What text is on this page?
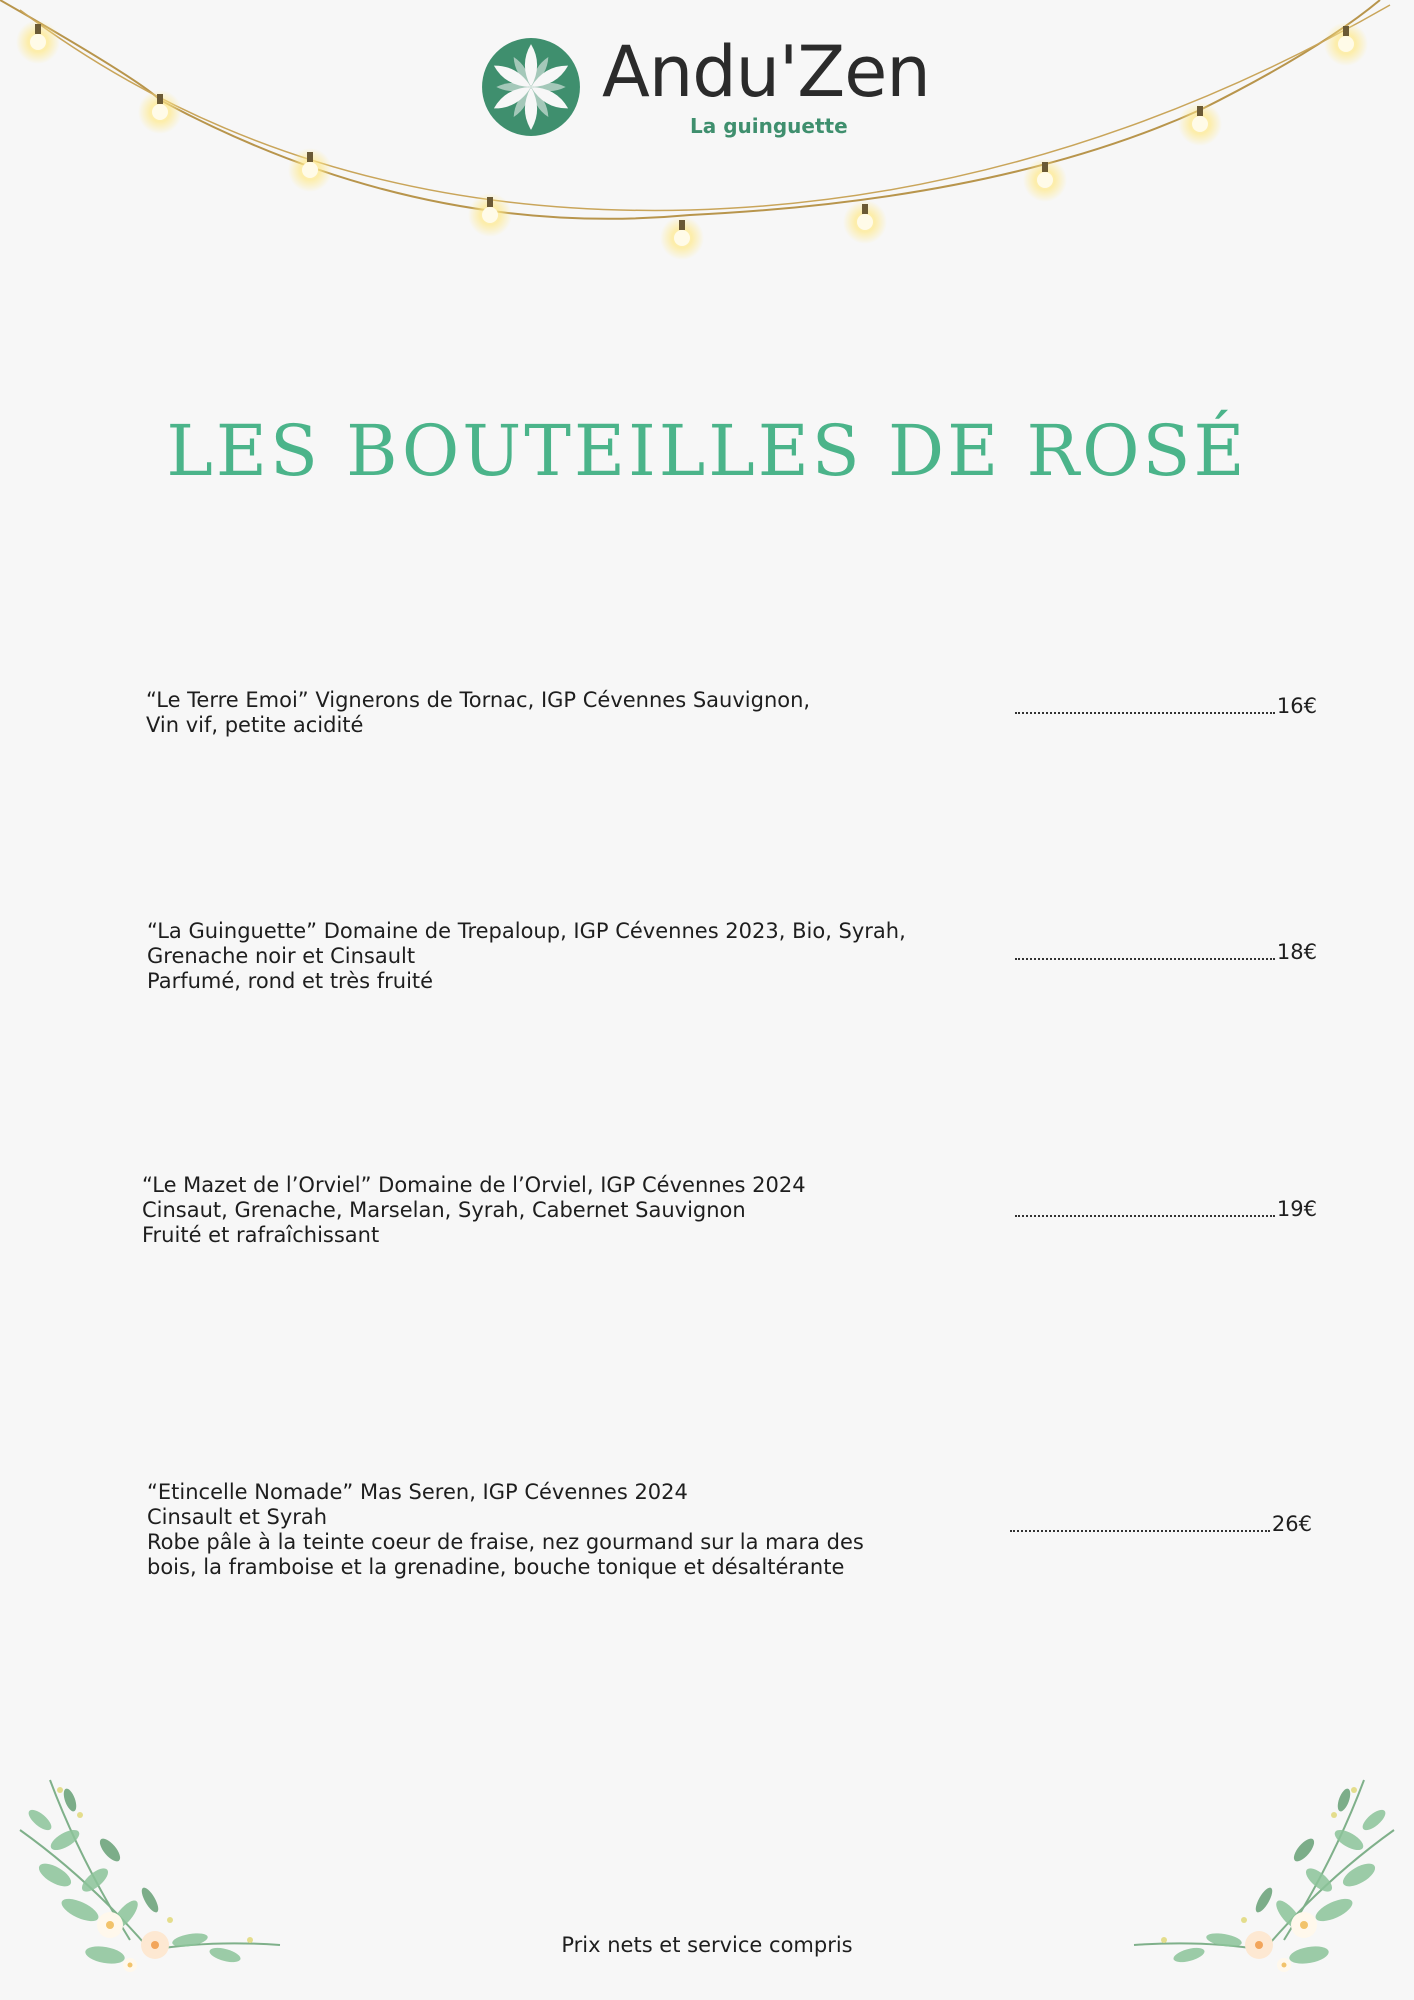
Andu'Zen
La guinguette
LES BOUTEILLES DE ROSÉ
“Le Terre Emoi” Vignerons de Tornac, IGP Cévennes Sauvignon,
Vin vif, petite acidité
16€
“La Guinguette” Domaine de Trepaloup, IGP Cévennes 2023, Bio, Syrah,
Grenache noir et Cinsault
Parfumé, rond et très fruité
18€
“Le Mazet de l’Orviel” Domaine de l’Orviel, IGP Cévennes 2024
Cinsaut, Grenache, Marselan, Syrah, Cabernet Sauvignon
Fruité et rafraîchissant
19€
“Etincelle Nomade” Mas Seren, IGP Cévennes 2024
Cinsault et Syrah
Robe pâle à la teinte coeur de fraise, nez gourmand sur la mara des
bois, la framboise et la grenadine, bouche tonique et désaltérante
26€
Prix nets et service compris
